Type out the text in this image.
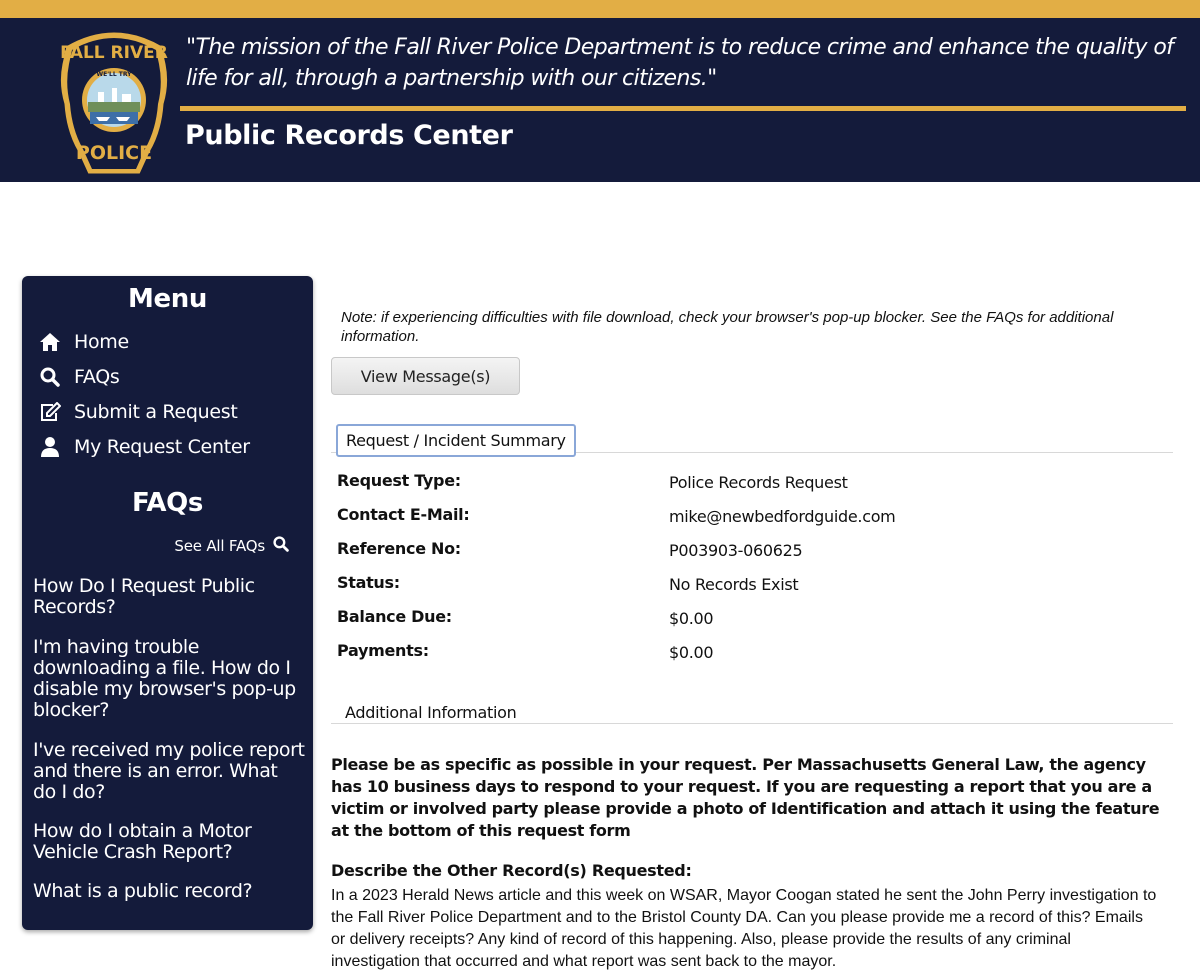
WE'LL TRY
FALL RIVER
POLICE
"The mission of the Fall River Police Department is to reduce crime and enhance the quality of life for all, through a partnership with our citizens."
Public Records Center
Menu
Home
FAQs
Submit a Request
My Request Center
FAQs
See All FAQs
How Do I Request Public Records?
I'm having trouble downloading a file. How do I disable my browser's pop-up blocker?
I've received my police report and there is an error. What do I do?
How do I obtain a Motor Vehicle Crash Report?
What is a public record?
Note: if experiencing difficulties with file download, check your browser's pop-up blocker. See the FAQs for additional information.
View Message(s)
Request / Incident Summary
Request Type:	Police Records Request
Contact E-Mail:	mike@newbedfordguide.com
Reference No:	P003903-060625
Status:	No Records Exist
Balance Due:	$0.00
Payments:	$0.00
Additional Information
Please be as specific as possible in your request. Per Massachusetts General Law, the agency has 10 business days to respond to your request. If you are requesting a report that you are a victim or involved party please provide a photo of Identification and attach it using the feature at the bottom of this request form
Describe the Other Record(s) Requested:
In a 2023 Herald News article and this week on WSAR, Mayor Coogan stated he sent the John Perry investigation to the Fall River Police Department and to the Bristol County DA. Can you please provide me a record of this? Emails or delivery receipts? Any kind of record of this happening. Also, please provide the results of any criminal investigation that occurred and what report was sent back to the mayor.
